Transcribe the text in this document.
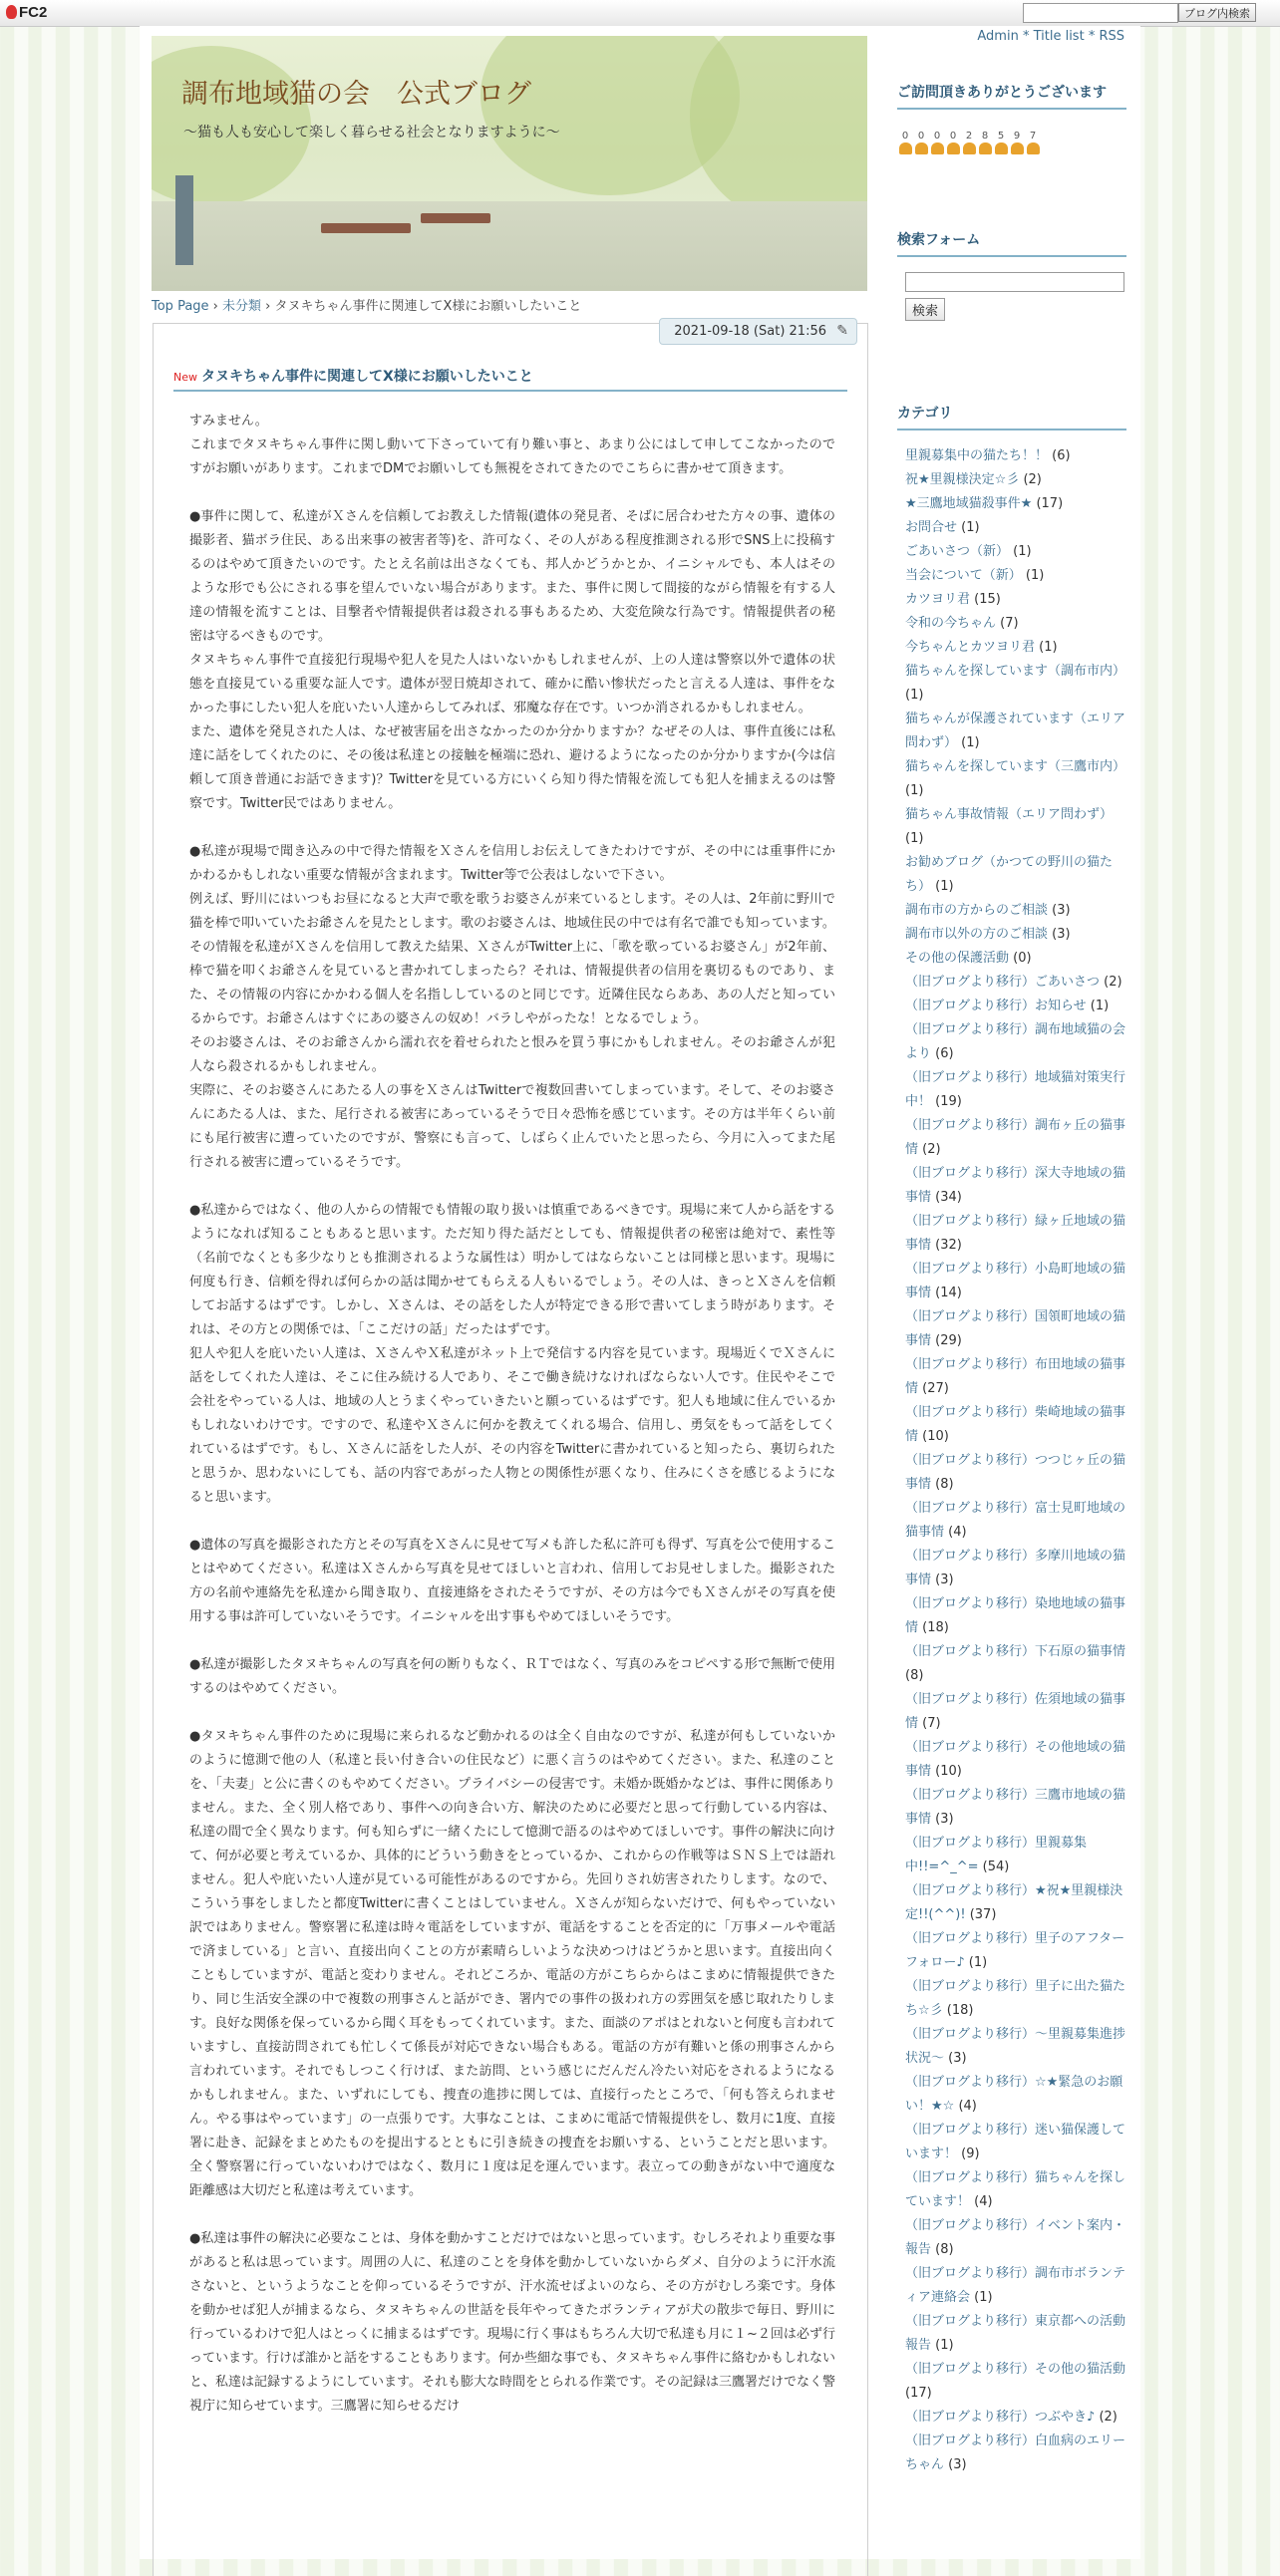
FC2	ブログ内検索
Admin * Title list * RSS
調布地域猫の会　公式ブログ
～猫も人も安心して楽しく暮らせる社会となりますように～
Top Page › 未分類 › タヌキちゃん事件に関連してX様にお願いしたいこと
2021-09-18 (Sat) 21:56 ✎
New タヌキちゃん事件に関連してX様にお願いしたいこと

すみません。
これまでタヌキちゃん事件に関し動いて下さっていて有り難い事と、あまり公にはして申してこなかったのですがお願いがあります。これまでDMでお願いしても無視をされてきたのでこちらに書かせて頂きます。

●事件に関して、私達がＸさんを信頼してお教えした情報(遺体の発見者、そばに居合わせた方々の事、遺体の撮影者、猫ボラ住民、ある出来事の被害者等)を、許可なく、その人がある程度推測される形でSNS上に投稿するのはやめて頂きたいのです。たとえ名前は出さなくても、邦人かどうかとか、イニシャルでも、本人はそのような形でも公にされる事を望んでいない場合があります。また、事件に関して間接的ながら情報を有する人達の情報を流すことは、目撃者や情報提供者は殺される事もあるため、大変危険な行為です。情報提供者の秘密は守るべきものです。
タヌキちゃん事件で直接犯行現場や犯人を見た人はいないかもしれませんが、上の人達は警察以外で遺体の状態を直接見ている重要な証人です。遺体が翌日焼却されて、確かに酷い惨状だったと言える人達は、事件をなかった事にしたい犯人を庇いたい人達からしてみれば、邪魔な存在です。いつか消されるかもしれません。
また、遺体を発見された人は、なぜ被害届を出さなかったのか分かりますか？なぜその人は、事件直後には私達に話をしてくれたのに、その後は私達との接触を極端に恐れ、避けるようになったのか分かりますか(今は信頼して頂き普通にお話できます)？Twitterを見ている方にいくら知り得た情報を流しても犯人を捕まえるのは警察です。Twitter民ではありません。

●私達が現場で聞き込みの中で得た情報をＸさんを信用しお伝えしてきたわけですが、その中には重事件にかかわるかもしれない重要な情報が含まれます。Twitter等で公表はしないで下さい。
例えば、野川にはいつもお昼になると大声で歌を歌うお婆さんが来ているとします。その人は、2年前に野川で猫を棒で叩いていたお爺さんを見たとします。歌のお婆さんは、地域住民の中では有名で誰でも知っています。
その情報を私達がＸさんを信用して教えた結果、ＸさんがTwitter上に、「歌を歌っているお婆さん」が2年前、棒で猫を叩くお爺さんを見ていると書かれてしまったら？それは、情報提供者の信用を裏切るものであり、また、その情報の内容にかかわる個人を名指ししているのと同じです。近隣住民ならああ、あの人だと知っているからです。お爺さんはすぐにあの婆さんの奴め！バラしやがったな！となるでしょう。
そのお婆さんは、そのお爺さんから濡れ衣を着せられたと恨みを買う事にかもしれません。そのお爺さんが犯人なら殺されるかもしれません。
実際に、そのお婆さんにあたる人の事をＸさんはTwitterで複数回書いてしまっています。そして、そのお婆さんにあたる人は、また、尾行される被害にあっているそうで日々恐怖を感じています。その方は半年くらい前にも尾行被害に遭っていたのですが、警察にも言って、しばらく止んでいたと思ったら、今月に入ってまた尾行される被害に遭っているそうです。

●私達からではなく、他の人からの情報でも情報の取り扱いは慎重であるべきです。現場に来て人から話をするようになれば知ることもあると思います。ただ知り得た話だとしても、情報提供者の秘密は絶対で、素性等（名前でなくとも多少なりとも推測されるような属性は）明かしてはならないことは同様と思います。現場に何度も行き、信頼を得れば何らかの話は聞かせてもらえる人もいるでしょう。その人は、きっとＸさんを信頼してお話するはずです。しかし、Ｘさんは、その話をした人が特定できる形で書いてしまう時があります。それは、その方との関係では、「ここだけの話」だったはずです。
犯人や犯人を庇いたい人達は、ＸさんやＸ私達がネット上で発信する内容を見ています。現場近くでＸさんに話をしてくれた人達は、そこに住み続ける人であり、そこで働き続けなければならない人です。住民やそこで会社をやっている人は、地域の人とうまくやっていきたいと願っているはずです。犯人も地域に住んでいるかもしれないわけです。ですので、私達やＸさんに何かを教えてくれる場合、信用し、勇気をもって話をしてくれているはずです。もし、Ｘさんに話をした人が、その内容をTwitterに書かれていると知ったら、裏切られたと思うか、思わないにしても、話の内容であがった人物との関係性が悪くなり、住みにくさを感じるようになると思います。

●遺体の写真を撮影された方とその写真をＸさんに見せて写メも許した私に許可も得ず、写真を公で使用することはやめてください。私達はＸさんから写真を見せてほしいと言われ、信用してお見せしました。撮影された方の名前や連絡先を私達から聞き取り、直接連絡をされたそうですが、その方は今でもＸさんがその写真を使用する事は許可していないそうです。イニシャルを出す事もやめてほしいそうです。

●私達が撮影したタヌキちゃんの写真を何の断りもなく、ＲＴではなく、写真のみをコピペする形で無断で使用するのはやめてください。

●タヌキちゃん事件のために現場に来られるなど動かれるのは全く自由なのですが、私達が何もしていないかのように憶測で他の人（私達と長い付き合いの住民など）に悪く言うのはやめてください。また、私達のことを、「夫妻」と公に書くのもやめてください。プライバシーの侵害です。未婚か既婚かなどは、事件に関係ありません。また、全く別人格であり、事件への向き合い方、解決のために必要だと思って行動している内容は、私達の間で全く異なります。何も知らずに一緒くたにして憶測で語るのはやめてほしいです。事件の解決に向けて、何が必要と考えているか、具体的にどういう動きをとっているか、これからの作戦等はＳＮＳ上では語れません。犯人や庇いたい人達が見ている可能性があるのですから。先回りされ妨害されたりします。なので、こういう事をしましたと都度Twitterに書くことはしていません。Ｘさんが知らないだけで、何もやっていない訳ではありません。警察署に私達は時々電話をしていますが、電話をすることを否定的に「万事メールや電話で済ましている」と言い、直接出向くことの方が素晴らしいような決めつけはどうかと思います。直接出向くこともしていますが、電話と変わりません。それどころか、電話の方がこちらからはこまめに情報提供できたり、同じ生活安全課の中で複数の刑事さんと話ができ、署内での事件の扱われ方の雰囲気を感じ取れたりします。良好な関係を保っているから聞く耳をもってくれています。また、面談のアポはとれないと何度も言われていますし、直接訪問されても忙しくて係長が対応できない場合もある。電話の方が有難いと係の刑事さんから言われています。それでもしつこく行けば、また訪問、という感じにだんだん冷たい対応をされるようになるかもしれません。また、いずれにしても、捜査の進捗に関しては、直接行ったところで、「何も答えられません。やる事はやっています」の一点張りです。大事なことは、こまめに電話で情報提供をし、数月に1度、直接署に赴き、記録をまとめたものを提出するとともに引き続きの捜査をお願いする、ということだと思います。全く警察署に行っていないわけではなく、数月に１度は足を運んでいます。表立っての動きがない中で適度な距離感は大切だと私達は考えています。

●私達は事件の解決に必要なことは、身体を動かすことだけではないと思っています。むしろそれより重要な事があると私は思っています。周囲の人に、私達のことを身体を動かしていないからダメ、自分のように汗水流さないと、というようなことを仰っているそうですが、汗水流せばよいのなら、その方がむしろ楽です。身体を動かせば犯人が捕まるなら、タヌキちゃんの世話を長年やってきたボランティアが犬の散歩で毎日、野川に行っているわけで犯人はとっくに捕まるはずです。現場に行く事はもちろん大切で私達も月に１~２回は必ず行っています。行けば誰かと話をすることもあります。何か些細な事でも、タヌキちゃん事件に絡むかもしれないと、私達は記録するようにしています。それも膨大な時間をとられる作業です。その記録は三鷹署だけでなく警視庁に知らせています。三鷹署に知らせるだけ

ご訪問頂きありがとうございます
0 0 0 0 2 8 5 9 7
検索フォーム

検索
カテゴリ
里親募集中の猫たち！！ (6)
祝★里親様決定☆彡 (2)
★三鷹地域猫殺事件★ (17)
お問合せ (1)
ごあいさつ（新） (1)
当会について（新） (1)
カツヨリ君 (15)
令和の今ちゃん (7)
今ちゃんとカツヨリ君 (1)
猫ちゃんを探しています（調布市内） (1)
猫ちゃんが保護されています（エリア問わず） (1)
猫ちゃんを探しています（三鷹市内） (1)
猫ちゃん事故情報（エリア問わず） (1)
お勧めブログ（かつての野川の猫たち） (1)
調布市の方からのご相談 (3)
調布市以外の方のご相談 (3)
その他の保護活動 (0)
（旧ブログより移行）ごあいさつ (2)
（旧ブログより移行）お知らせ (1)
（旧ブログより移行）調布地域猫の会より (6)
（旧ブログより移行）地域猫対策実行中！ (19)
（旧ブログより移行）調布ヶ丘の猫事情 (2)
（旧ブログより移行）深大寺地域の猫事情 (34)
（旧ブログより移行）緑ヶ丘地域の猫事情 (32)
（旧ブログより移行）小島町地域の猫事情 (14)
（旧ブログより移行）国領町地域の猫事情 (29)
（旧ブログより移行）布田地域の猫事情 (27)
（旧ブログより移行）柴崎地域の猫事情 (10)
（旧ブログより移行）つつじヶ丘の猫事情 (8)
（旧ブログより移行）富士見町地域の猫事情 (4)
（旧ブログより移行）多摩川地域の猫事情 (3)
（旧ブログより移行）染地地域の猫事情 (18)
（旧ブログより移行）下石原の猫事情 (8)
（旧ブログより移行）佐須地域の猫事情 (7)
（旧ブログより移行）その他地域の猫事情 (10)
（旧ブログより移行）三鷹市地域の猫事情 (3)
（旧ブログより移行）里親募集中!!=^_^= (54)
（旧ブログより移行）★祝★里親様決定!!(^^)! (37)
（旧ブログより移行）里子のアフターフォロー♪ (1)
（旧ブログより移行）里子に出た猫たち☆彡 (18)
（旧ブログより移行）～里親募集進捗状況～ (3)
（旧ブログより移行）☆★緊急のお願い！★☆ (4)
（旧ブログより移行）迷い猫保護しています！ (9)
（旧ブログより移行）猫ちゃんを探しています！ (4)
（旧ブログより移行）イベント案内・報告 (8)
（旧ブログより移行）調布市ボランティア連絡会 (1)
（旧ブログより移行）東京都への活動報告 (1)
（旧ブログより移行）その他の猫活動 (17)
（旧ブログより移行）つぶやき♪ (2)
（旧ブログより移行）白血病のエリーちゃん (3)
